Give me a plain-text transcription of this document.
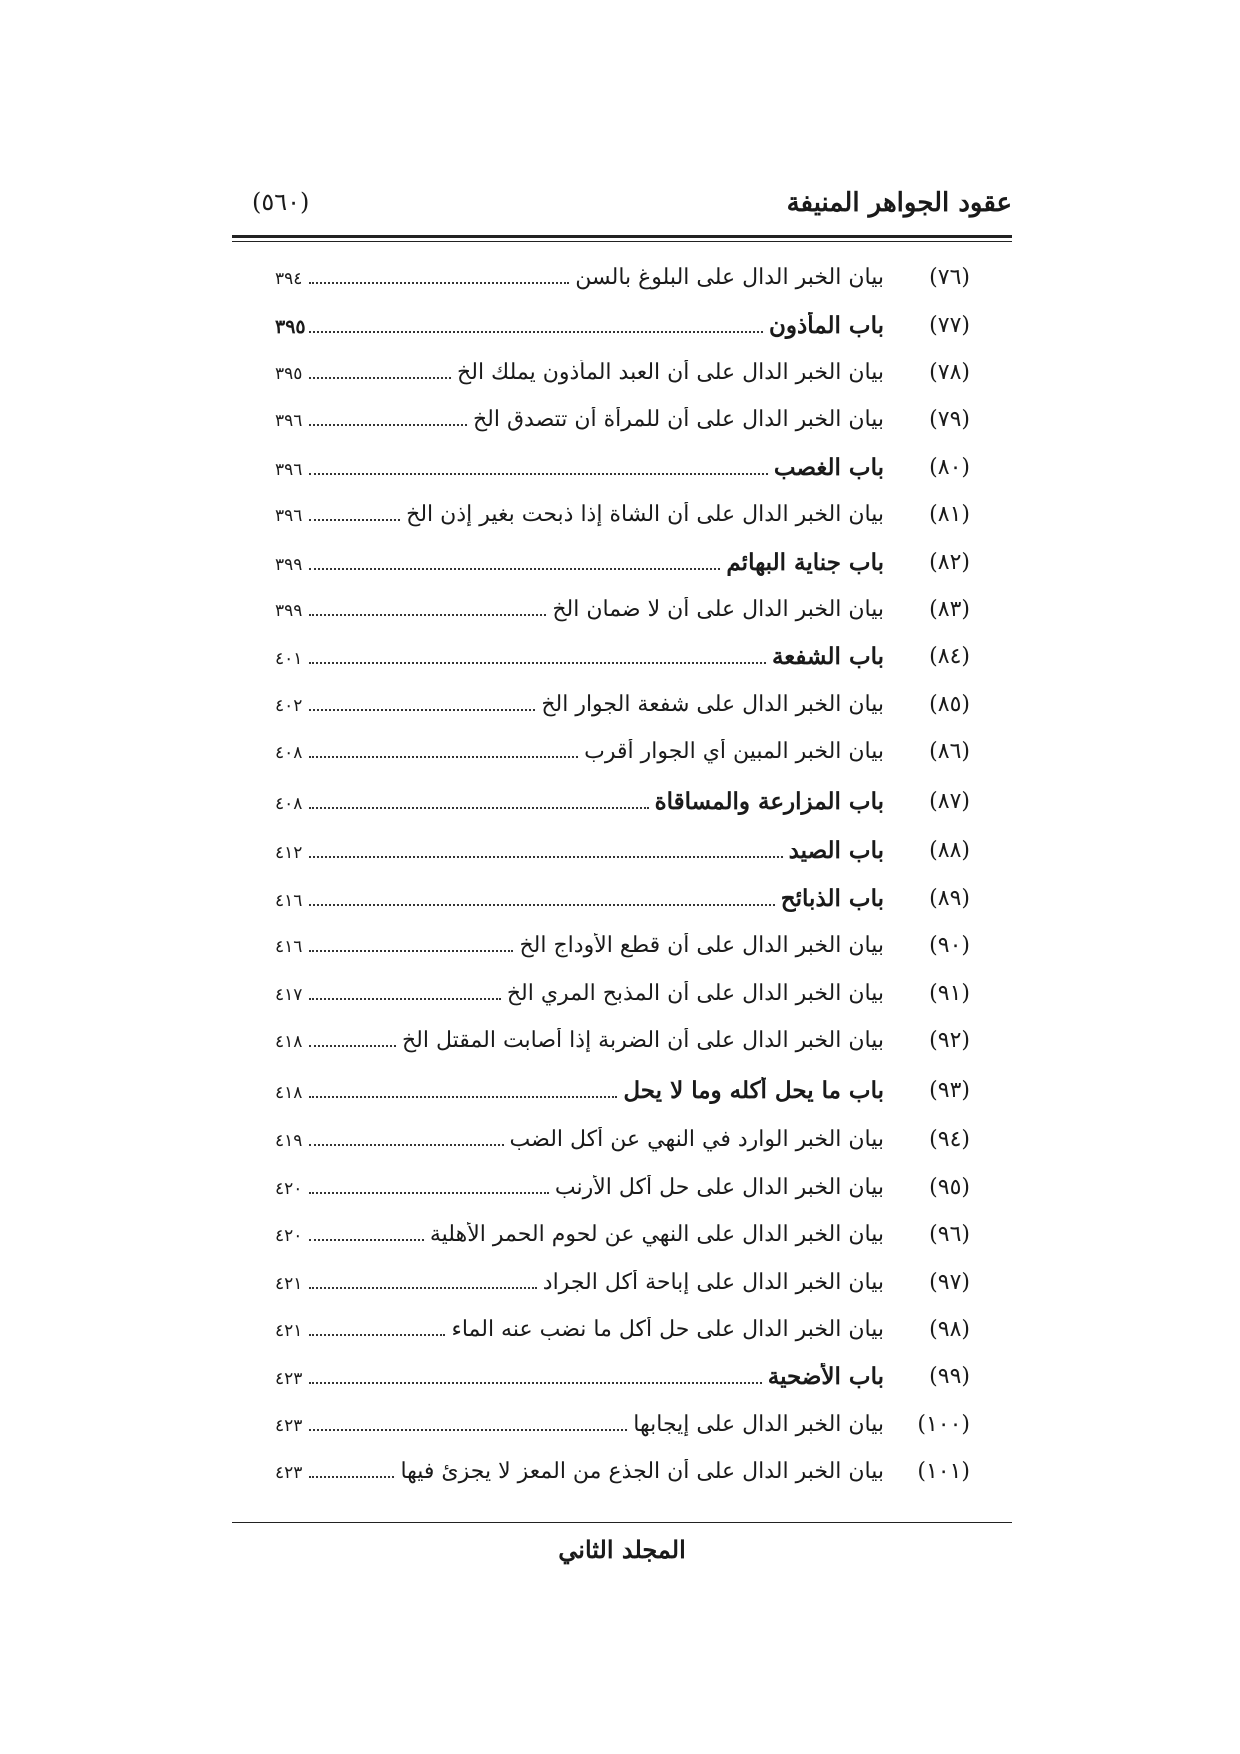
عقود الجواهر المنيفة
(٥٦٠)
(٧٦)
بيان الخبر الدال على البلوغ بالسن
٣٩٤
(٧٧)
باب المأذون
٣٩٥
(٧٨)
بيان الخبر الدال على أن العبد المأذون يملك الخ
٣٩٥
(٧٩)
بيان الخبر الدال على أن للمرأة أن تتصدق الخ
٣٩٦
(٨٠)
باب الغصب
٣٩٦
(٨١)
بيان الخبر الدال على أن الشاة إذا ذبحت بغير إذن الخ
٣٩٦
(٨٢)
باب جناية البهائم
٣٩٩
(٨٣)
بيان الخبر الدال على أن لا ضمان الخ
٣٩٩
(٨٤)
باب الشفعة
٤٠١
(٨٥)
بيان الخبر الدال على شفعة الجوار الخ
٤٠٢
(٨٦)
بيان الخبر المبين أي الجوار أقرب
٤٠٨
(٨٧)
باب المزارعة والمساقاة
٤٠٨
(٨٨)
باب الصيد
٤١٢
(٨٩)
باب الذبائح
٤١٦
(٩٠)
بيان الخبر الدال على أن قطع الأوداج الخ
٤١٦
(٩١)
بيان الخبر الدال على أن المذبح المري الخ
٤١٧
(٩٢)
بيان الخبر الدال على أن الضربة إذا أصابت المقتل الخ
٤١٨
(٩٣)
باب ما يحل أكله وما لا يحل
٤١٨
(٩٤)
بيان الخبر الوارد في النهي عن أكل الضب
٤١٩
(٩٥)
بيان الخبر الدال على حل أكل الأرنب
٤٢٠
(٩٦)
بيان الخبر الدال على النهي عن لحوم الحمر الأهلية
٤٢٠
(٩٧)
بيان الخبر الدال على إباحة أكل الجراد
٤٢١
(٩٨)
بيان الخبر الدال على حل أكل ما نضب عنه الماء
٤٢١
(٩٩)
باب الأضحية
٤٢٣
(١٠٠)
بيان الخبر الدال على إيجابها
٤٢٣
(١٠١)
بيان الخبر الدال على أن الجذع من المعز لا يجزئ فيها
٤٢٣
المجلد الثاني
